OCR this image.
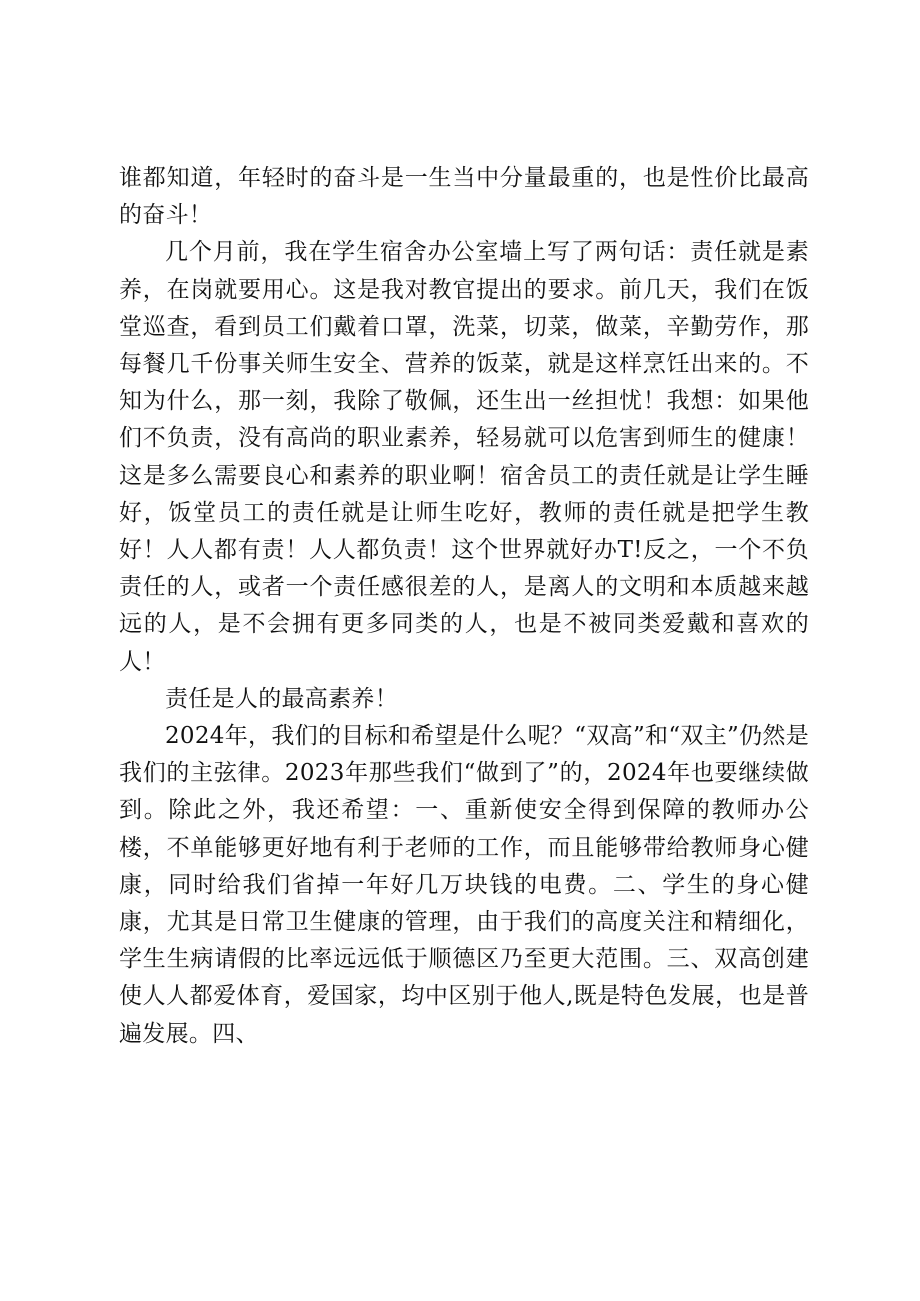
谁都知道，年轻时的奋斗是一生当中分量最重的，也是性价比最高的奋斗！

几个月前，我在学生宿舍办公室墙上写了两句话：责任就是素养，在岗就要用心。这是我对教官提出的要求。前几天，我们在饭堂巡查，看到员工们戴着口罩，洗菜，切菜，做菜，辛勤劳作，那每餐几千份事关师生安全、营养的饭菜，就是这样烹饪出来的。不知为什么，那一刻，我除了敬佩，还生出一丝担忧！我想：如果他们不负责，没有高尚的职业素养，轻易就可以危害到师生的健康！这是多么需要良心和素养的职业啊！宿舍员工的责任就是让学生睡好，饭堂员工的责任就是让师生吃好，教师的责任就是把学生教好！人人都有责！人人都负责！这个世界就好办T!反之，一个不负责任的人，或者一个责任感很差的人，是离人的文明和本质越来越远的人，是不会拥有更多同类的人，也是不被同类爱戴和喜欢的人！

责任是人的最高素养！

2024年，我们的目标和希望是什么呢？“双高”和“双主”仍然是我们的主弦律。2023年那些我们“做到了”的，2024年也要继续做到。除此之外，我还希望：一、重新使安全得到保障的教师办公楼，不单能够更好地有利于老师的工作，而且能够带给教师身心健康，同时给我们省掉一年好几万块钱的电费。二、学生的身心健康，尤其是日常卫生健康的管理，由于我们的高度关注和精细化，学生生病请假的比率远远低于顺德区乃至更大范围。三、双高创建使人人都爱体育，爱国家，均中区别于他人,既是特色发展，也是普遍发展。四、
